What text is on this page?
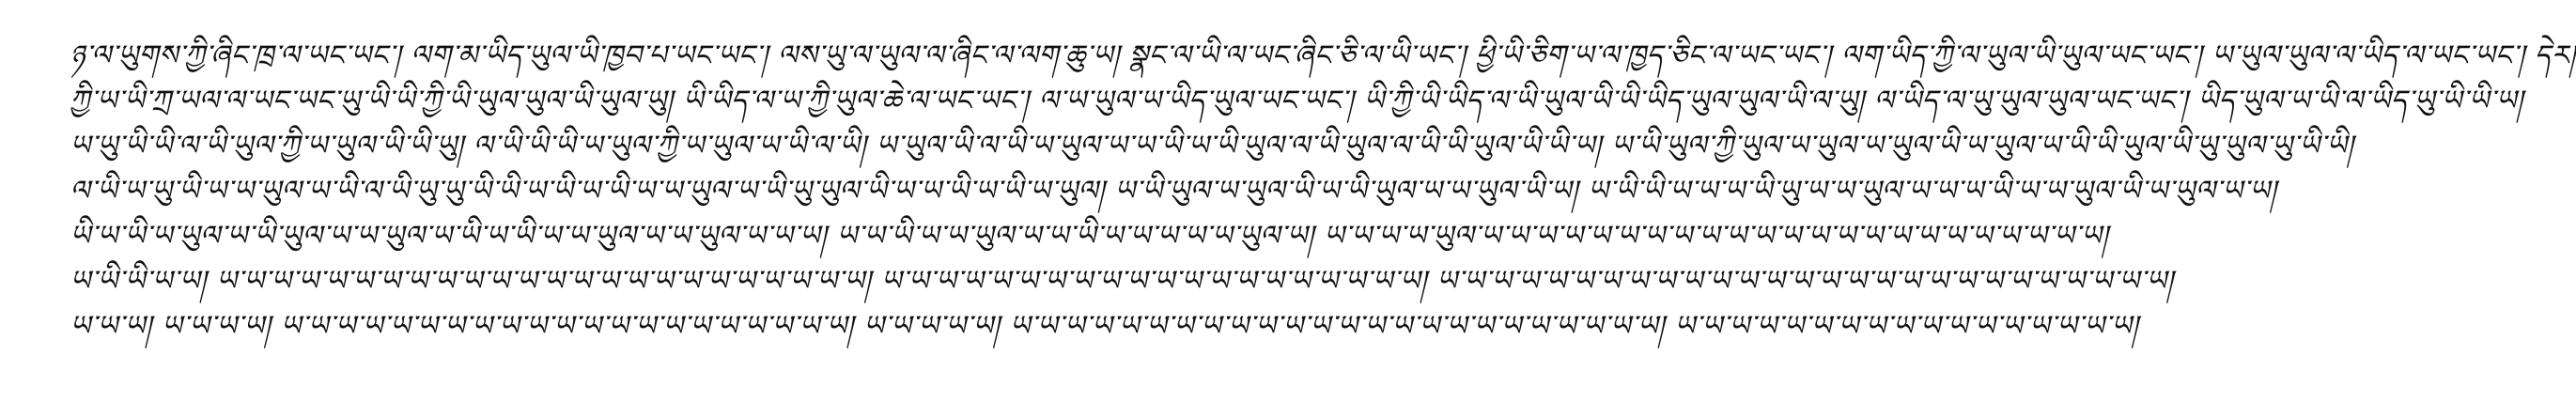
ཉ་ལ་ཡུགས་ཀྱི་ཞིང་ཁྲ་ལ་ཡང་ཡང་། ལག་མ་ཡིད་ཡུལ་ཡི་ཁྱབ་པ་ཡང་ཡང་། ལས་ཡུ་ལ་ཡུལ་ལ་ཞིང་ལ་ལག་ཆུ་ཡ། སྣང་ལ་ཡི་ལ་ཡང་ཞིང་ཅི་ལ་ཡི་ཡང་། ཕྱི་ཡི་ཅིག་ཡ་ལ་ཁྱད་ཅིང་ལ་ཡང་ཡང་། ལག་ཡིད་ཀྱི་ལ་ཡུལ་ཡི་ཡུལ་ཡང་ཡང་། ཡ་ཡུལ་ཡུལ་ལ་ཡིད་ལ་ཡང་ཡང་། དེར།
ཀྱི་ཡ་ཡི་ཀྲ་ཡལ་ལ་ཡང་ཡང་ཡུ་ཡི་ཡི་ཀྱི་ཡི་ཡུལ་ཡུལ་ཡི་ཡུལ་ཡུ། ཡི་ཡིད་ལ་ཡ་ཀྱི་ཡུལ་ཆེ་ལ་ཡང་ཡང་། ལ་ཡ་ཡུལ་ཡ་ཡིད་ཡུལ་ཡང་ཡང་། ཡི་ཀྱི་ཡི་ཡིད་ལ་ཡི་ཡུལ་ཡི་ཡི་ཡིད་ཡུལ་ཡུལ་ཡི་ལ་ཡུ། ལ་ཡིད་ལ་ཡུ་ཡུལ་ཡུལ་ཡང་ཡང་། ཡིད་ཡུལ་ཡ་ཡི་ལ་ཡིད་ཡུ་ཡི་ཡི་ཡ།
ཡ་ཡུ་ཡི་ཡི་ལ་ཡི་ཡུལ་ཀྱི་ཡ་ཡུལ་ཡི་ཡི་ཡུ། ལ་ཡི་ཡི་ཡི་ཡ་ཡུལ་ཀྱི་ཡ་ཡུལ་ཡ་ཡི་ལ་ཡི། ཡ་ཡུལ་ཡི་ལ་ཡི་ཡ་ཡུལ་ཡ་ཡ་ཡི་ཡ་ཡི་ཡུལ་ལ་ཡི་ཡུལ་ལ་ཡི་ཡི་ཡུལ་ཡི་ཡི་ཡ། ཡ་ཡི་ཡུལ་ཀྱི་ཡུལ་ཡ་ཡུལ་ཡ་ཡུལ་ཡི་ཡ་ཡུལ་ཡ་ཡི་ཡི་ཡུལ་ཡི་ཡུ་ཡུལ་ཡུ་ཡི་ཡི།
ལ་ཡི་ཡ་ཡུ་ཡི་ཡ་ཡ་ཡུལ་ཡ་ཡི་ལ་ཡི་ཡུ་ཡུ་ཡི་ཡི་ཡ་ཡི་ཡ་ཡི་ཡ་ཡ་ཡུལ་ཡ་ཡི་ཡུ་ཡུལ་ཡི་ཡ་ཡ་ཡི་ཡ་ཡི་ཡ་ཡུལ། ཡ་ཡི་ཡུལ་ཡ་ཡུལ་ཡི་ཡ་ཡི་ཡུལ་ཡ་ཡ་ཡུལ་ཡི་ཡ། ཡ་ཡི་ཡི་ཡ་ཡ་ཡ་ཡི་ཡུ་ཡ་ཡ་ཡུལ་ཡ་ཡ་ཡ་ཡི་ཡ་ཡ་ཡུལ་ཡི་ཡ་ཡུལ་ཡ་ཡ།
ཡི་ཡ་ཡི་ཡ་ཡུལ་ཡ་ཡི་ཡུལ་ཡ་ཡ་ཡུལ་ཡ་ཡི་ཡ་ཡི་ཡ་ཡ་ཡུལ་ཡ་ཡ་ཡུལ་ཡ་ཡ་ཡ། ཡ་ཡ་ཡི་ཡ་ཡ་ཡུལ་ཡ་ཡ་ཡི་ཡ་ཡ་ཡ་ཡ་ཡ་ཡུལ་ཡ། ཡ་ཡ་ཡ་ཡ་ཡུལ་ཡ་ཡ་ཡ་ཡ་ཡ་ཡ་ཡ་ཡ་ཡ་ཡ་ཡ་ཡ་ཡ་ཡ་ཡ་ཡ་ཡ་ཡ་ཡ་ཡ་ཡ་ཡ་ཡ།
ཡ་ཡི་ཡི་ཡ་ཡ། ཡ་ཡ་ཡ་ཡ་ཡ་ཡ་ཡ་ཡ་ཡ་ཡ་ཡ་ཡ་ཡ་ཡ་ཡ་ཡ་ཡ་ཡ་ཡ་ཡ་ཡ་ཡ་ཡ་ཡ། ཡ་ཡ་ཡ་ཡ་ཡ་ཡ་ཡ་ཡ་ཡ་ཡ་ཡ་ཡ་ཡ་ཡ་ཡ་ཡ་ཡ་ཡ་ཡ་ཡ། ཡ་ཡ་ཡ་ཡ་ཡ་ཡ་ཡ་ཡ་ཡ་ཡ་ཡ་ཡ་ཡ་ཡ་ཡ་ཡ་ཡ་ཡ་ཡ་ཡ་ཡ་ཡ་ཡ་ཡ་ཡ་ཡ་ཡ།
ཡ་ཡ་ཡ། ཡ་ཡ་ཡ་ཡ། ཡ་ཡ་ཡ་ཡ་ཡ་ཡ་ཡ་ཡ་ཡ་ཡ་ཡ་ཡ་ཡ་ཡ་ཡ་ཡ་ཡ་ཡ་ཡ་ཡ་ཡ། ཡ་ཡ་ཡ་ཡ་ཡ། ཡ་ཡ་ཡ་ཡ་ཡ་ཡ་ཡ་ཡ་ཡ་ཡ་ཡ་ཡ་ཡ་ཡ་ཡ་ཡ་ཡ་ཡ་ཡ་ཡ་ཡ་ཡ་ཡ་ཡ། ཡ་ཡ་ཡ་ཡ་ཡ་ཡ་ཡ་ཡ་ཡ་ཡ་ཡ་ཡ་ཡ་ཡ་ཡ་ཡ་ཡ།
